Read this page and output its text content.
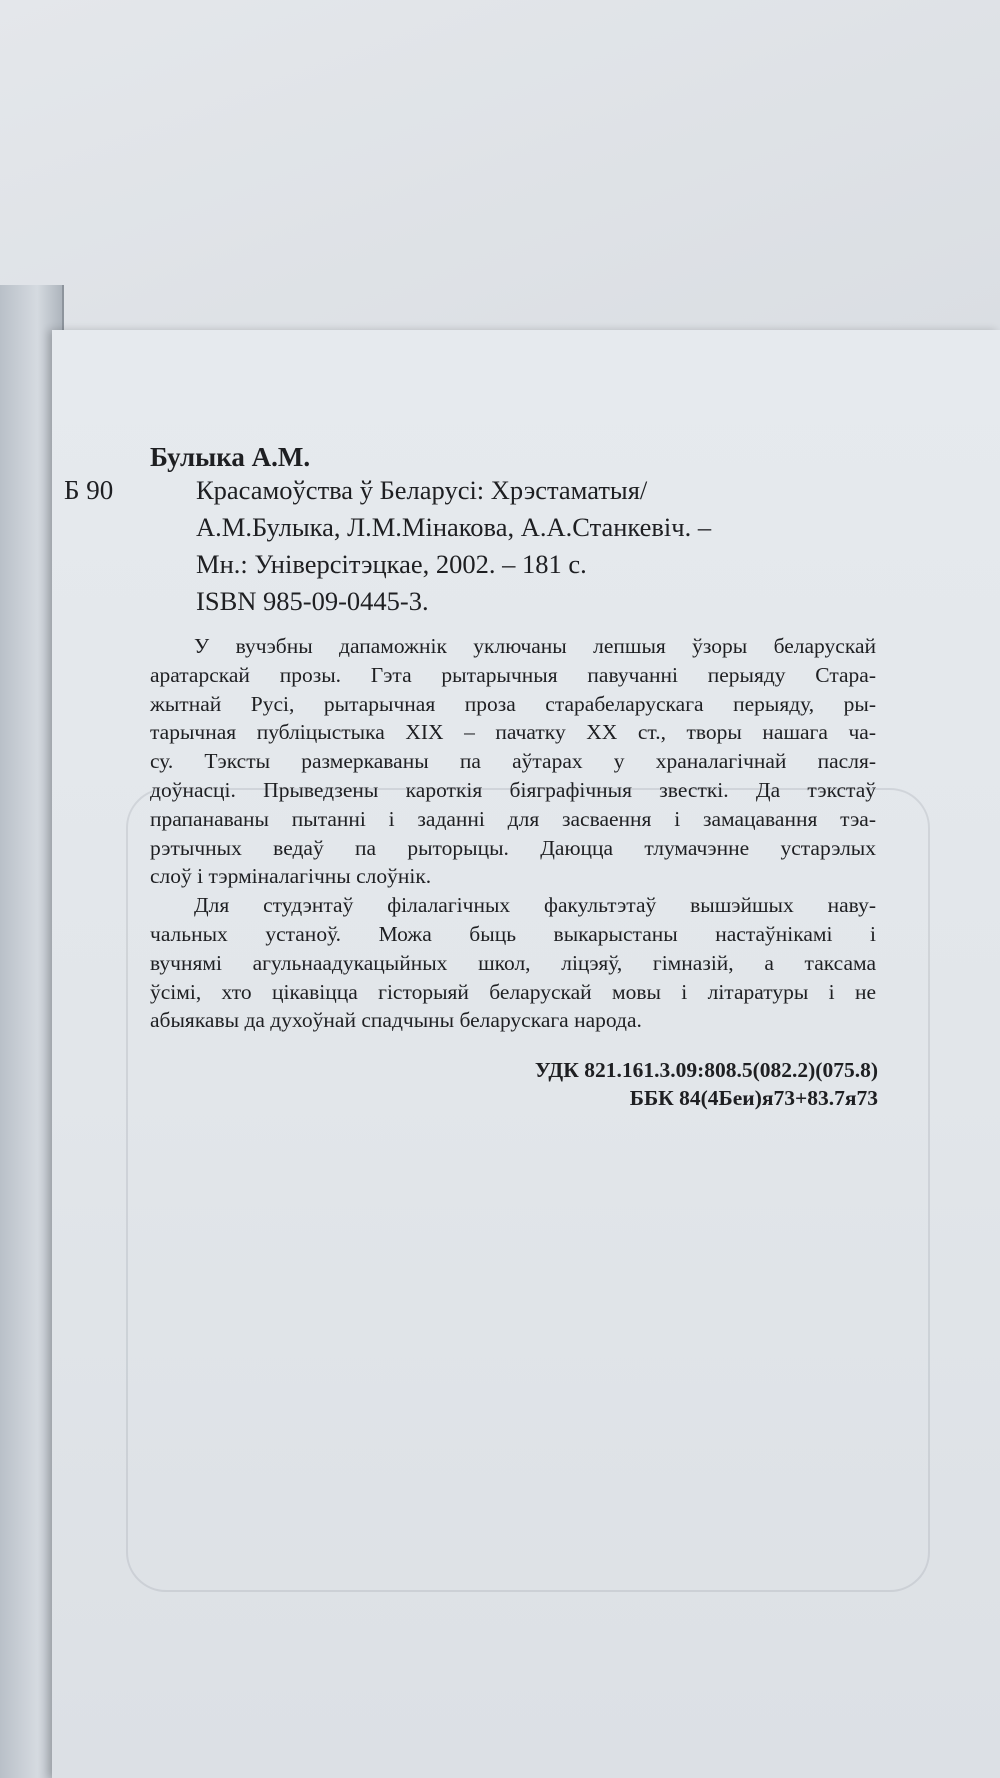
Булыка А.М.
Б 90	Красамоўства ў Беларусі: Хрэстаматыя/
А.М.Булыка, Л.М.Мінакова, А.А.Станкевіч. –
Мн.: Універсітэцкае, 2002. – 181 с.
ISBN 985-09-0445-3.
У вучэбны дапаможнік уключаны лепшыя ўзоры беларускай
аратарскай прозы. Гэта рытарычныя павучанні перыяду Стара-
жытнай Русі, рытарычная проза старабеларускага перыяду, ры-
тарычная публіцыстыка XIX – пачатку XX ст., творы нашага ча-
су. Тэксты размеркаваны па аўтарах у храналагічнай пасля-
доўнасці. Прыведзены кароткія біяграфічныя звесткі. Да тэкстаў
прапанаваны пытанні і заданні для засваення і замацавання тэа-
рэтычных ведаў па рыторыцы. Даюцца тлумачэнне устарэлых
слоў і тэрміналагічны слоўнік.
Для студэнтаў філалагічных факультэтаў вышэйшых наву-
чальных устаноў. Можа быць выкарыстаны настаўнікамі і
вучнямі агульнаадукацыйных школ, ліцэяў, гімназій, а таксама
ўсімі, хто цікавіцца гісторыяй беларускай мовы і літаратуры і не
абыякавы да духоўнай спадчыны беларускага народа.
УДК 821.161.3.09:808.5(082.2)(075.8)
ББК 84(4Беи)я73+83.7я73
